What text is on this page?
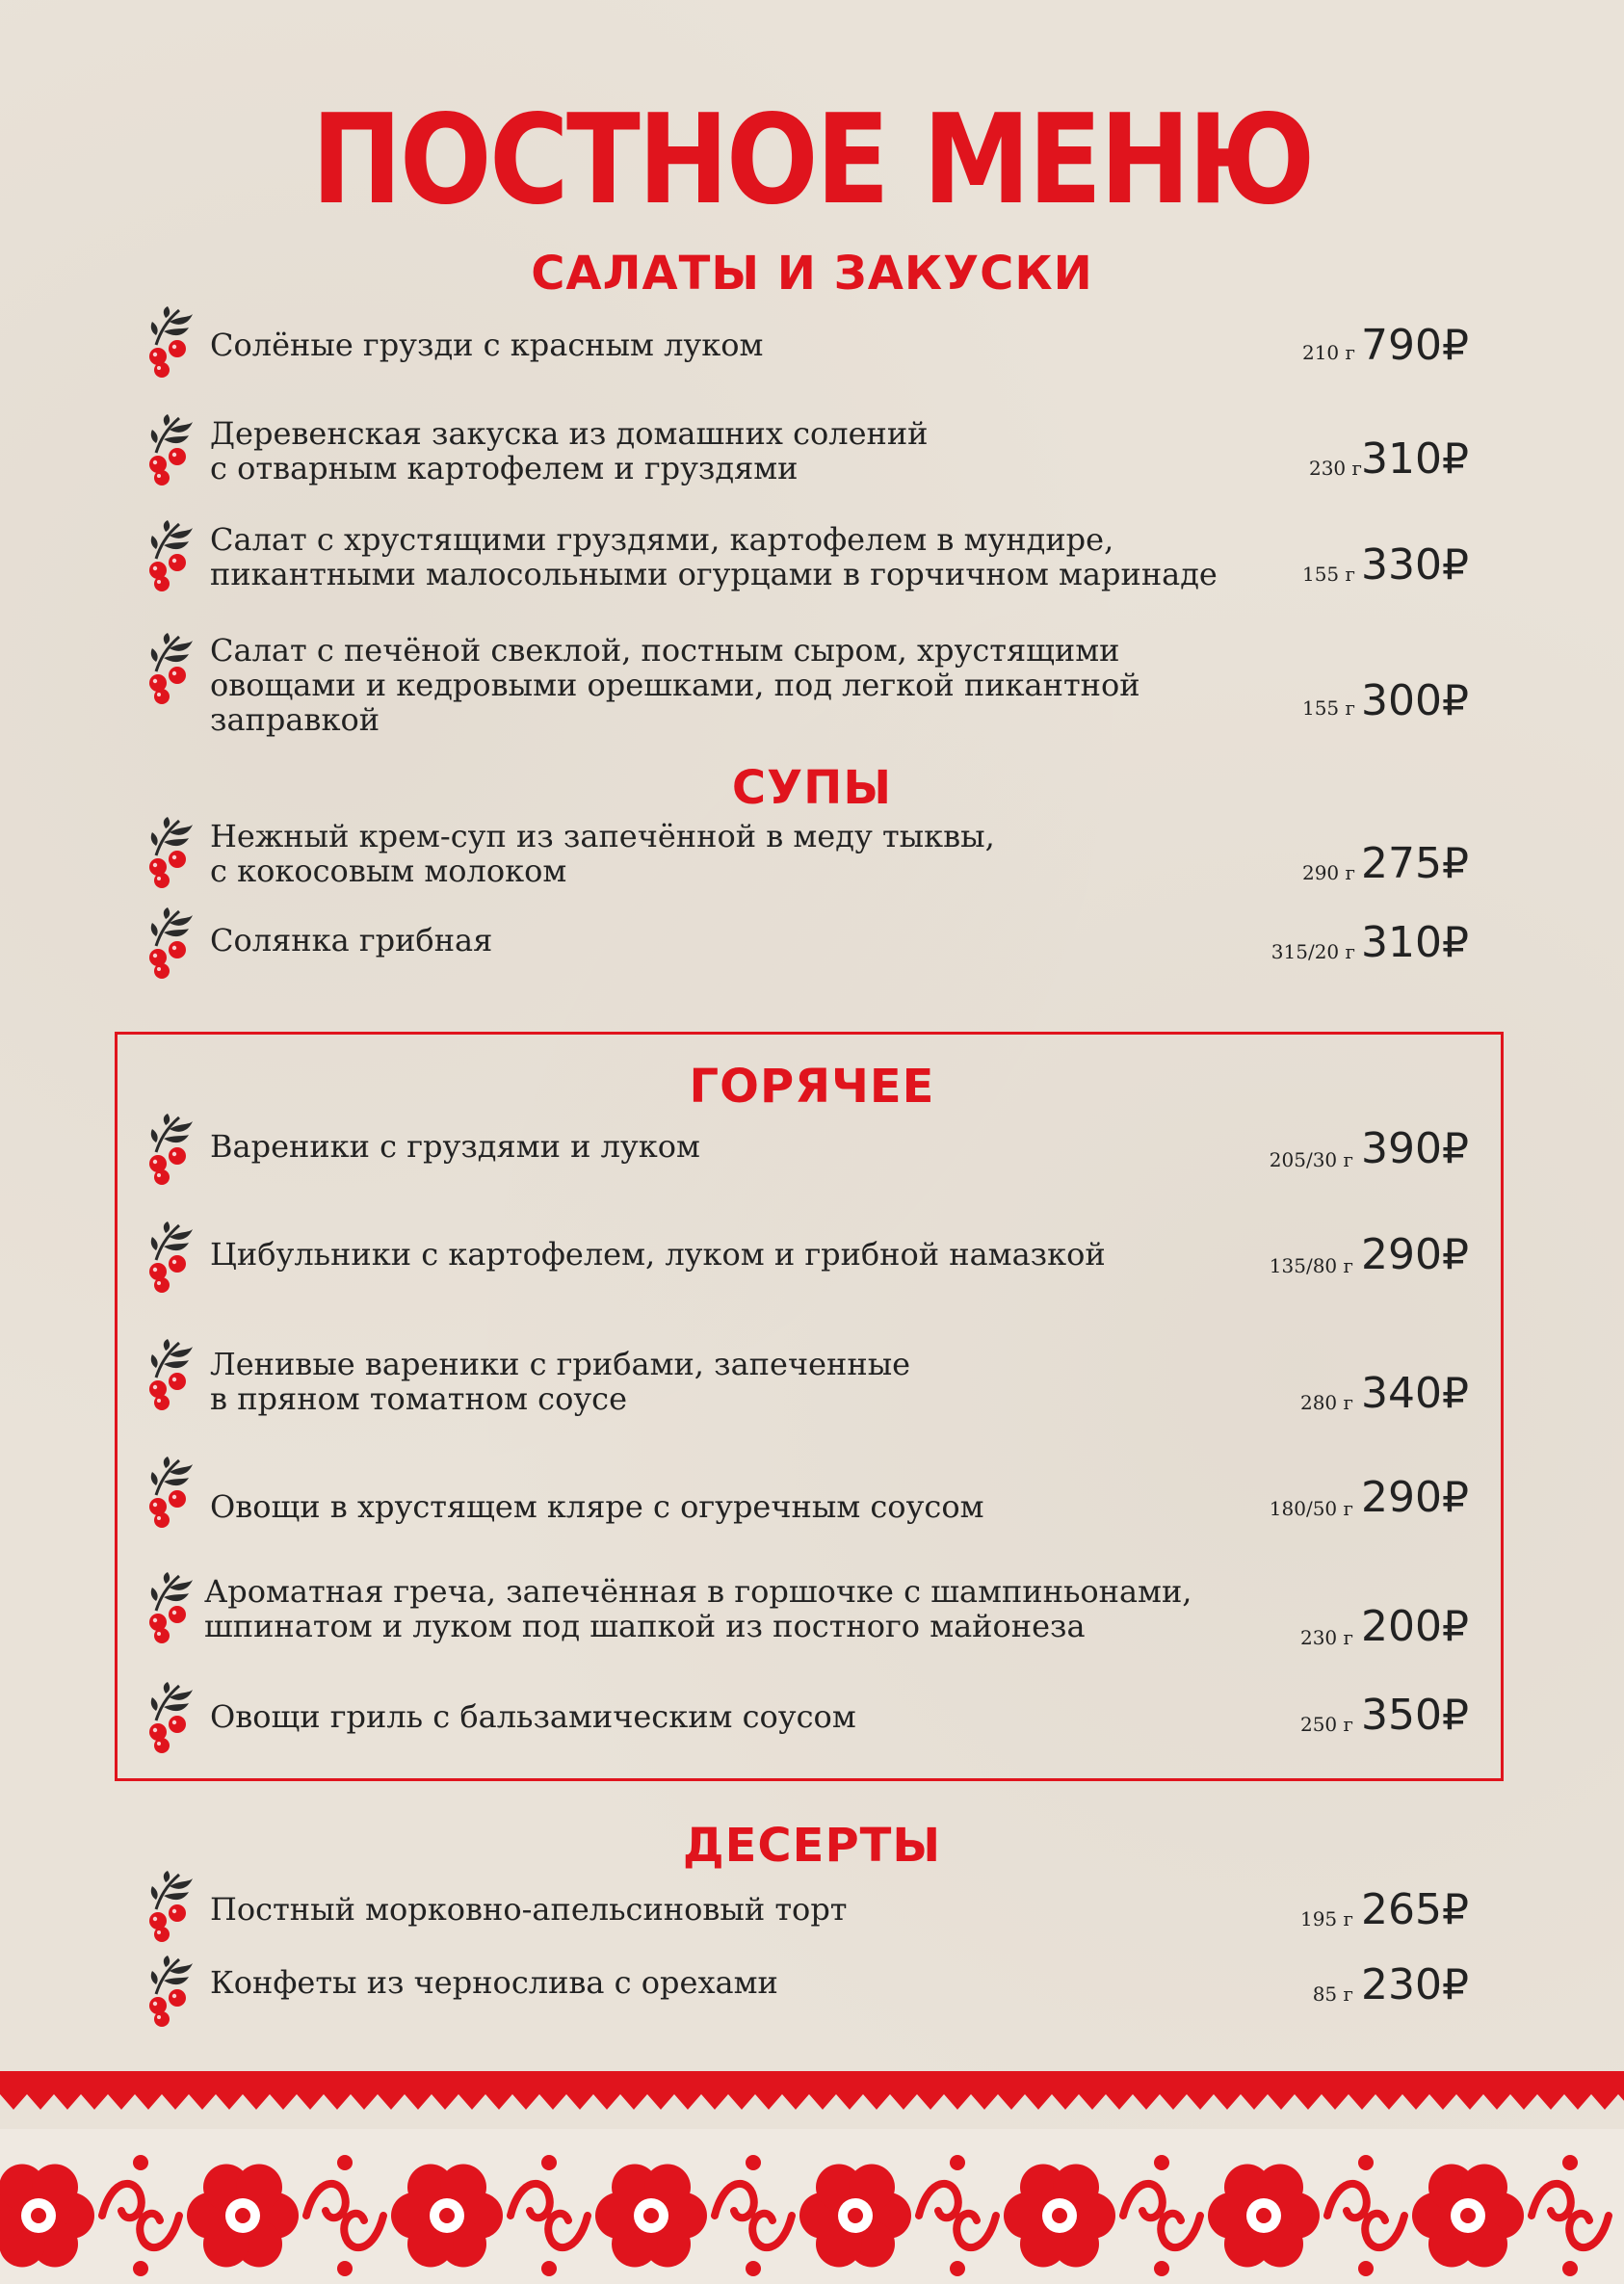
ПОСТНОЕ МЕНЮ
САЛАТЫ И ЗАКУСКИ
Солёные грузди с красным луком	210 г 790₽
Деревенская закуска из домашних солений
с отварным картофелем и груздями	230 г 310₽
Салат с хрустящими груздями, картофелем в мундире,
пикантными малосольными огурцами в горчичном маринаде	155 г 330₽
Салат с печёной свеклой, постным сыром, хрустящими
овощами и кедровыми орешками, под легкой пикантной
заправкой	155 г 300₽
СУПЫ
Нежный крем-суп из запечённой в меду тыквы,
с кокосовым молоком	290 г 275₽
Солянка грибная	315/20 г 310₽
ГОРЯЧЕЕ
Вареники с груздями и луком	205/30 г 390₽
Цибульники с картофелем, луком и грибной намазкой	135/80 г 290₽
Ленивые вареники с грибами, запеченные
в пряном томатном соусе	280 г 340₽
Овощи в хрустящем кляре с огуречным соусом	180/50 г 290₽
Ароматная греча, запечённая в горшочке с шампиньонами,
шпинатом и луком под шапкой из постного майонеза	230 г 200₽
Овощи гриль с бальзамическим соусом	250 г 350₽
ДЕСЕРТЫ
Постный морковно-апельсиновый торт	195 г 265₽
Конфеты из чернослива с орехами	85 г 230₽
